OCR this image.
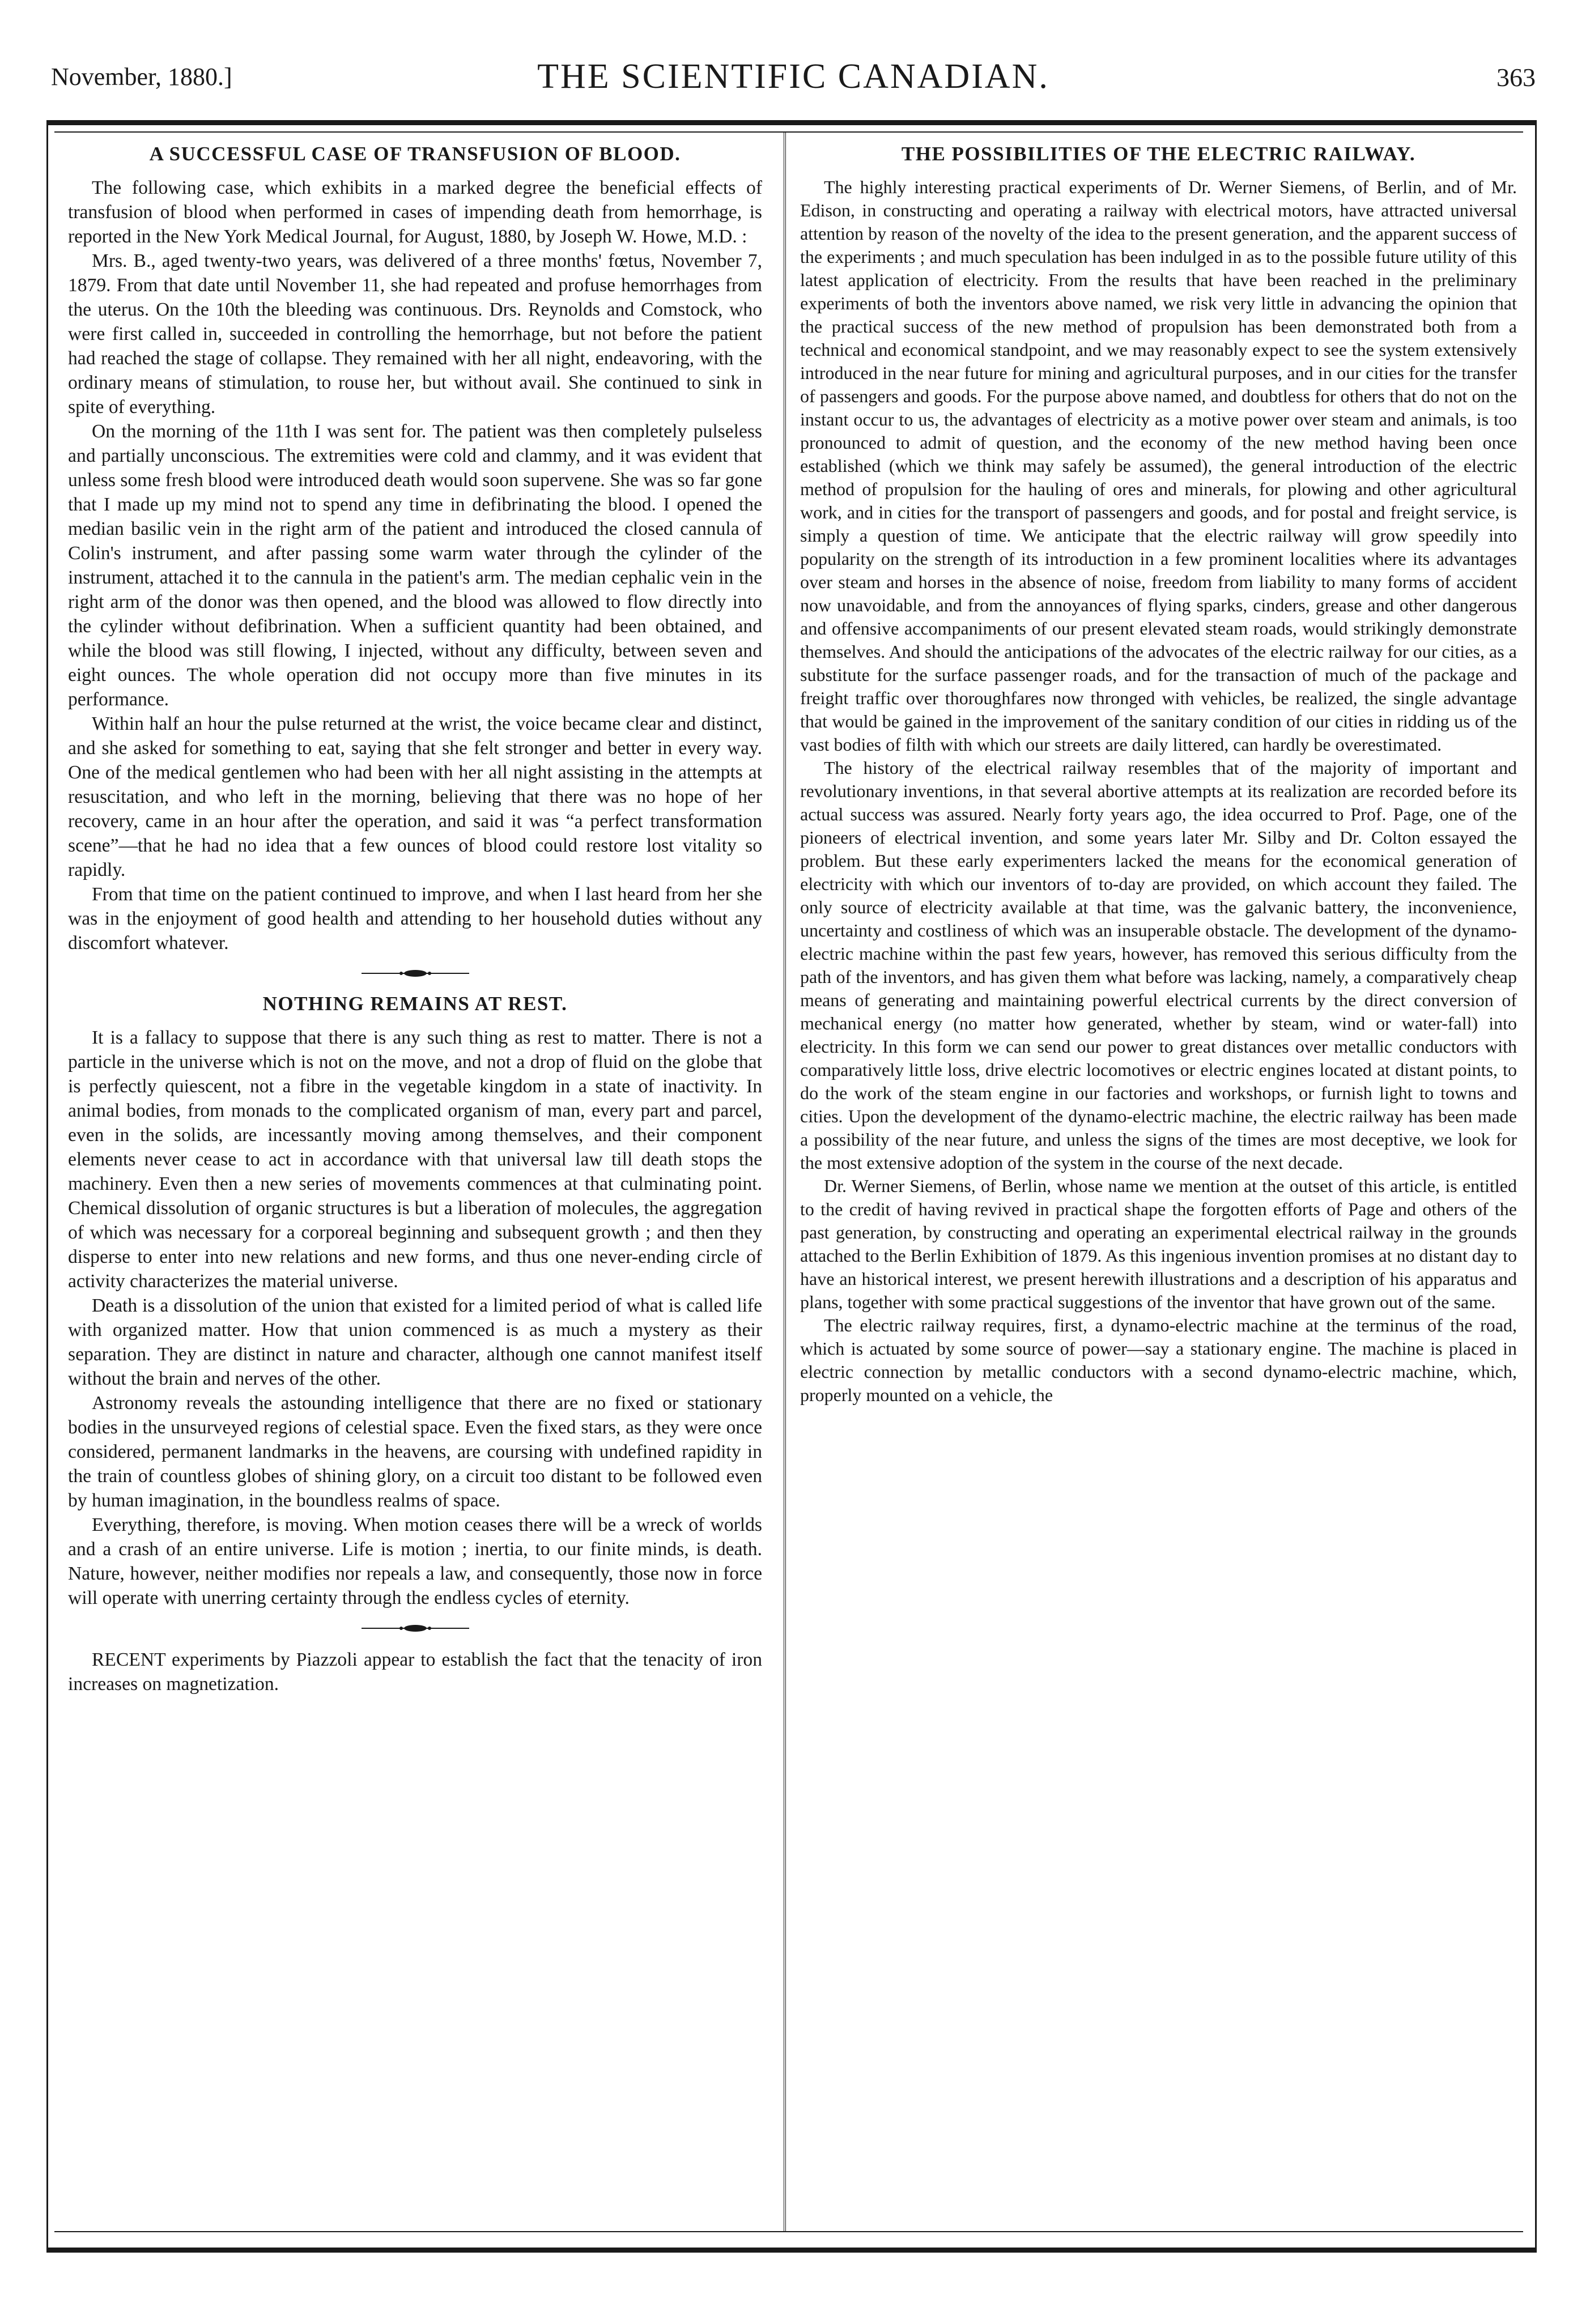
November, 1880.]	THE SCIENTIFIC CANADIAN.	363
A SUCCESSFUL CASE OF TRANSFUSION OF BLOOD.

The following case, which exhibits in a marked degree the beneficial effects of transfusion of blood when performed in cases of impending death from hemorrhage, is reported in the New York Medical Journal, for August, 1880, by Joseph W. Howe, M.D. :

Mrs. B., aged twenty-two years, was delivered of a three months' fœtus, November 7, 1879. From that date until November 11, she had repeated and profuse hemorrhages from the uterus. On the 10th the bleeding was continuous. Drs. Reynolds and Comstock, who were first called in, succeeded in controlling the hemorrhage, but not before the patient had reached the stage of collapse. They remained with her all night, endeavoring, with the ordinary means of stimulation, to rouse her, but without avail. She continued to sink in spite of everything.

On the morning of the 11th I was sent for. The patient was then completely pulseless and partially unconscious. The extremities were cold and clammy, and it was evident that unless some fresh blood were introduced death would soon supervene. She was so far gone that I made up my mind not to spend any time in defibrinating the blood. I opened the median basilic vein in the right arm of the patient and introduced the closed cannula of Colin's instrument, and after passing some warm water through the cylinder of the instrument, attached it to the cannula in the patient's arm. The median cephalic vein in the right arm of the donor was then opened, and the blood was allowed to flow directly into the cylinder without defibrination. When a sufficient quantity had been obtained, and while the blood was still flowing, I injected, without any difficulty, between seven and eight ounces. The whole operation did not occupy more than five minutes in its performance.

Within half an hour the pulse returned at the wrist, the voice became clear and distinct, and she asked for something to eat, saying that she felt stronger and better in every way. One of the medical gentlemen who had been with her all night assisting in the attempts at resuscitation, and who left in the morning, believing that there was no hope of her recovery, came in an hour after the operation, and said it was “a perfect transformation scene”—that he had no idea that a few ounces of blood could restore lost vitality so rapidly.

From that time on the patient continued to improve, and when I last heard from her she was in the enjoyment of good health and attending to her household duties without any discomfort whatever.

NOTHING REMAINS AT REST.

It is a fallacy to suppose that there is any such thing as rest to matter. There is not a particle in the universe which is not on the move, and not a drop of fluid on the globe that is perfectly quiescent, not a fibre in the vegetable kingdom in a state of inactivity. In animal bodies, from monads to the complicated organism of man, every part and parcel, even in the solids, are incessantly moving among themselves, and their component elements never cease to act in accordance with that universal law till death stops the machinery. Even then a new series of movements commences at that culminating point. Chemical dissolution of organic structures is but a liberation of molecules, the aggregation of which was necessary for a corporeal beginning and subsequent growth ; and then they disperse to enter into new relations and new forms, and thus one never-ending circle of activity characterizes the material universe.

Death is a dissolution of the union that existed for a limited period of what is called life with organized matter. How that union commenced is as much a mystery as their separation. They are distinct in nature and character, although one cannot manifest itself without the brain and nerves of the other.

Astronomy reveals the astounding intelligence that there are no fixed or stationary bodies in the unsurveyed regions of celestial space. Even the fixed stars, as they were once considered, permanent landmarks in the heavens, are coursing with undefined rapidity in the train of countless globes of shining glory, on a circuit too distant to be followed even by human imagination, in the boundless realms of space.

Everything, therefore, is moving. When motion ceases there will be a wreck of worlds and a crash of an entire universe. Life is motion ; inertia, to our finite minds, is death. Nature, however, neither modifies nor repeals a law, and consequently, those now in force will operate with unerring certainty through the endless cycles of eternity.

RECENT experiments by Piazzoli appear to establish the fact that the tenacity of iron increases on magnetization.

THE POSSIBILITIES OF THE ELECTRIC RAILWAY.

The highly interesting practical experiments of Dr. Werner Siemens, of Berlin, and of Mr. Edison, in constructing and operating a railway with electrical motors, have attracted universal attention by reason of the novelty of the idea to the present generation, and the apparent success of the experiments ; and much speculation has been indulged in as to the possible future utility of this latest application of electricity. From the results that have been reached in the preliminary experiments of both the inventors above named, we risk very little in advancing the opinion that the practical success of the new method of propulsion has been demonstrated both from a technical and economical standpoint, and we may reasonably expect to see the system extensively introduced in the near future for mining and agricultural purposes, and in our cities for the transfer of passengers and goods. For the purpose above named, and doubtless for others that do not on the instant occur to us, the advantages of electricity as a motive power over steam and animals, is too pronounced to admit of question, and the economy of the new method having been once established (which we think may safely be assumed), the general introduction of the electric method of propulsion for the hauling of ores and minerals, for plowing and other agricultural work, and in cities for the transport of passengers and goods, and for postal and freight service, is simply a question of time. We anticipate that the electric railway will grow speedily into popularity on the strength of its introduction in a few prominent localities where its advantages over steam and horses in the absence of noise, freedom from liability to many forms of accident now unavoidable, and from the annoyances of flying sparks, cinders, grease and other dangerous and offensive accompaniments of our present elevated steam roads, would strikingly demonstrate themselves. And should the anticipations of the advocates of the electric railway for our cities, as a substitute for the surface passenger roads, and for the transaction of much of the package and freight traffic over thoroughfares now thronged with vehicles, be realized, the single advantage that would be gained in the improvement of the sanitary condition of our cities in ridding us of the vast bodies of filth with which our streets are daily littered, can hardly be overestimated.

The history of the electrical railway resembles that of the majority of important and revolutionary inventions, in that several abortive attempts at its realization are recorded before its actual success was assured. Nearly forty years ago, the idea occurred to Prof. Page, one of the pioneers of electrical invention, and some years later Mr. Silby and Dr. Colton essayed the problem. But these early experimenters lacked the means for the economical generation of electricity with which our inventors of to-day are provided, on which account they failed. The only source of electricity available at that time, was the galvanic battery, the inconvenience, uncertainty and costliness of which was an insuperable obstacle. The development of the dynamo-electric machine within the past few years, however, has removed this serious difficulty from the path of the inventors, and has given them what before was lacking, namely, a comparatively cheap means of generating and maintaining powerful electrical currents by the direct conversion of mechanical energy (no matter how generated, whether by steam, wind or water-fall) into electricity. In this form we can send our power to great distances over metallic conductors with comparatively little loss, drive electric locomotives or electric engines located at distant points, to do the work of the steam engine in our factories and workshops, or furnish light to towns and cities. Upon the development of the dynamo-electric machine, the electric railway has been made a possibility of the near future, and unless the signs of the times are most deceptive, we look for the most extensive adoption of the system in the course of the next decade.

Dr. Werner Siemens, of Berlin, whose name we mention at the outset of this article, is entitled to the credit of having revived in practical shape the forgotten efforts of Page and others of the past generation, by constructing and operating an experimental electrical railway in the grounds attached to the Berlin Exhibition of 1879. As this ingenious invention promises at no distant day to have an historical interest, we present herewith illustrations and a description of his apparatus and plans, together with some practical suggestions of the inventor that have grown out of the same.

The electric railway requires, first, a dynamo-electric machine at the terminus of the road, which is actuated by some source of power—say a stationary engine. The machine is placed in electric connection by metallic conductors with a second dynamo-electric machine, which, properly mounted on a vehicle, the
